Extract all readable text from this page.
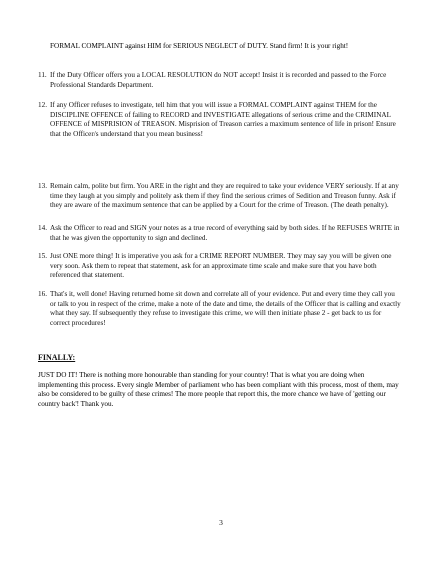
FORMAL COMPLAINT against HIM for SERIOUS NEGLECT of DUTY. Stand firm! It is your right!
11. If the Duty Officer offers you a LOCAL RESOLUTION do NOT accept! Insist it is recorded and passed to the Force Professional Standards Department.
12. If any Officer refuses to investigate, tell him that you will issue a FORMAL COMPLAINT against THEM for the DISCIPLINE OFFENCE of failing to RECORD and INVESTIGATE allegations of serious crime and the CRIMINAL OFFENCE of MISPRISION of TREASON. Misprision of Treason carries a maximum sentence of life in prison! Ensure that the Officer/s understand that you mean business!
13. Remain calm, polite but firm. You ARE in the right and they are required to take your evidence VERY seriously. If at any time they laugh at you simply and politely ask them if they find the serious crimes of Sedition and Treason funny. Ask if they are aware of the maximum sentence that can be applied by a Court for the crime of Treason. (The death penalty).
14. Ask the Officer to read and SIGN your notes as a true record of everything said by both sides. If he REFUSES WRITE in that he was given the opportunity to sign and declined.
15. Just ONE more thing! It is imperative you ask for a CRIME REPORT NUMBER. They may say you will be given one very soon. Ask them to repeat that statement, ask for an approximate time scale and make sure that you have both referenced that statement.
16. That's it, well done! Having returned home sit down and correlate all of your evidence. Put and every time they call you or talk to you in respect of the crime, make a note of the date and time, the details of the Officer that is calling and exactly what they say. If subsequently they refuse to investigate this crime, we will then initiate phase 2 - get back to us for correct procedures!
FINALLY:
JUST DO IT! There is nothing more honourable than standing for your country! That is what you are doing when implementing this process. Every single Member of parliament who has been compliant with this process, most of them, may also be considered to be guilty of these crimes! The more people that report this, the more chance we have of 'getting our country back'! Thank you.
3
